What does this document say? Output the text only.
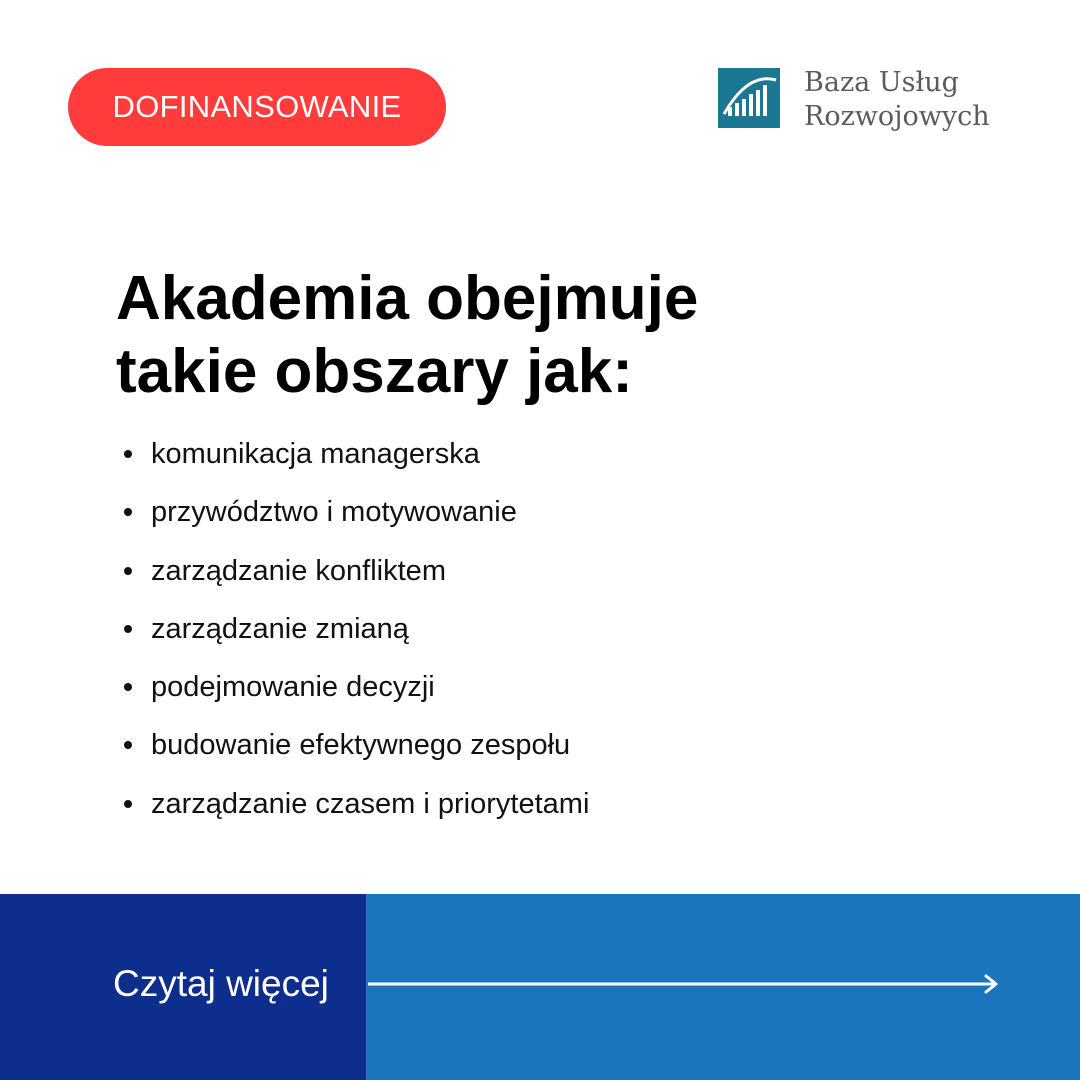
DOFINANSOWANIE
Baza Usług
Rozwojowych
Akademia obejmuje
takie obszary jak:
komunikacja managerska
przywództwo i motywowanie
zarządzanie konfliktem
zarządzanie zmianą
podejmowanie decyzji
budowanie efektywnego zespołu
zarządzanie czasem i priorytetami
Czytaj więcej
